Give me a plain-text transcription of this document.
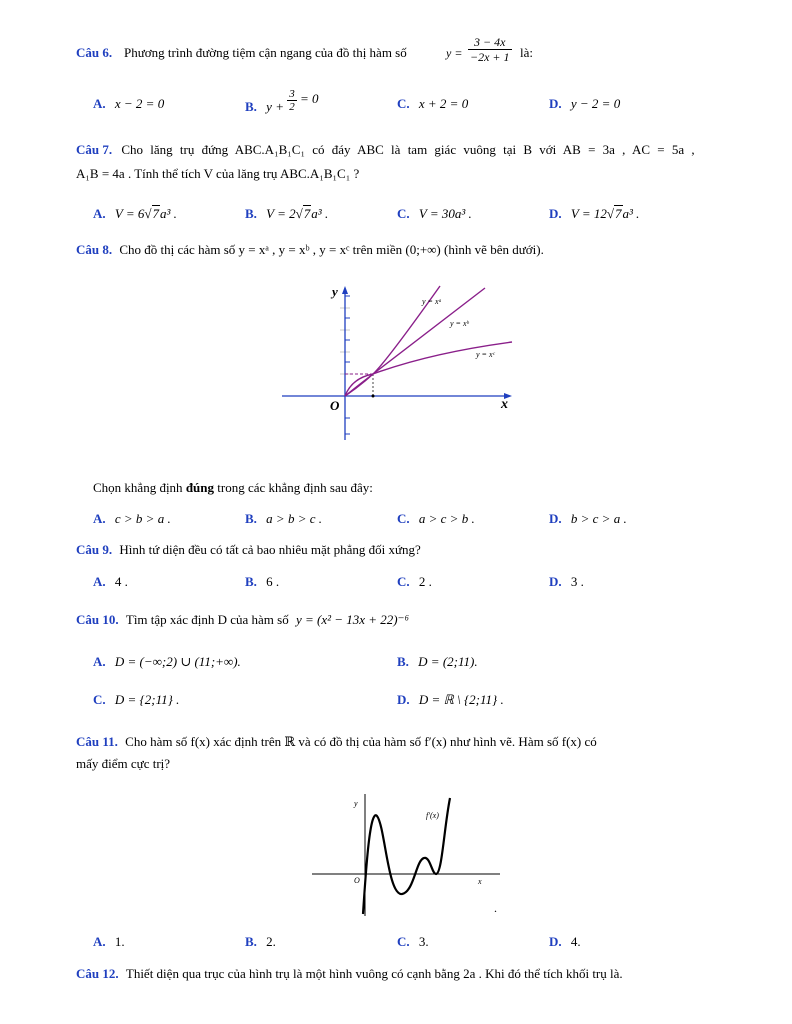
Câu 6. Phương trình đường tiệm cận ngang của đồ thị hàm số	$y = \frac{3 - 4x}{-2x + 1}$ là:
A. x − 2 = 0	B. $y + \frac{3}{2} = 0$	C. x + 2 = 0	D. y − 2 = 0
Câu 7. Cho lăng trụ đứng ABC.A₁B₁C₁ có đáy ABC là tam giác vuông tại B với AB = 3a , AC = 5a ,
A₁B = 4a . Tính thể tích V của lăng trụ ABC.A₁B₁C₁ ?
A. V = 6√7a³ .	B. V = 2√7a³ .	C. V = 30a³ .	D. V = 12√7a³ .
Câu 8. Cho đồ thị các hàm số y = xᵃ , y = xᵇ , y = xᶜ trên miền (0;+∞) (hình vẽ bên dưới).
y
x
O
y = xᵃ
y = xᵇ
y = xᶜ
Chọn khẳng định đúng trong các khẳng định sau đây:
A. c > b > a .	B. a > b > c .	C. a > c > b .	D. b > c > a .
Câu 9. Hình tứ diện đều có tất cả bao nhiêu mặt phẳng đối xứng?
A. 4 .	B. 6 .	C. 2 .	D. 3 .
Câu 10. Tìm tập xác định D của hàm số y = (x² − 13x + 22)⁻⁶
A. D = (−∞;2) ∪ (11;+∞).	B. D = (2;11).
C. D = {2;11} .	D. D = ℝ \ {2;11} .
Câu 11. Cho hàm số f(x) xác định trên ℝ và có đồ thị của hàm số f′(x) như hình vẽ. Hàm số f(x) có
mấy điểm cực trị?
y
x
O
f′(x)
.
A. 1.	B. 2.	C. 3.	D. 4.
Câu 12. Thiết diện qua trục của hình trụ là một hình vuông có cạnh bằng 2a . Khi đó thể tích khối trụ là.
